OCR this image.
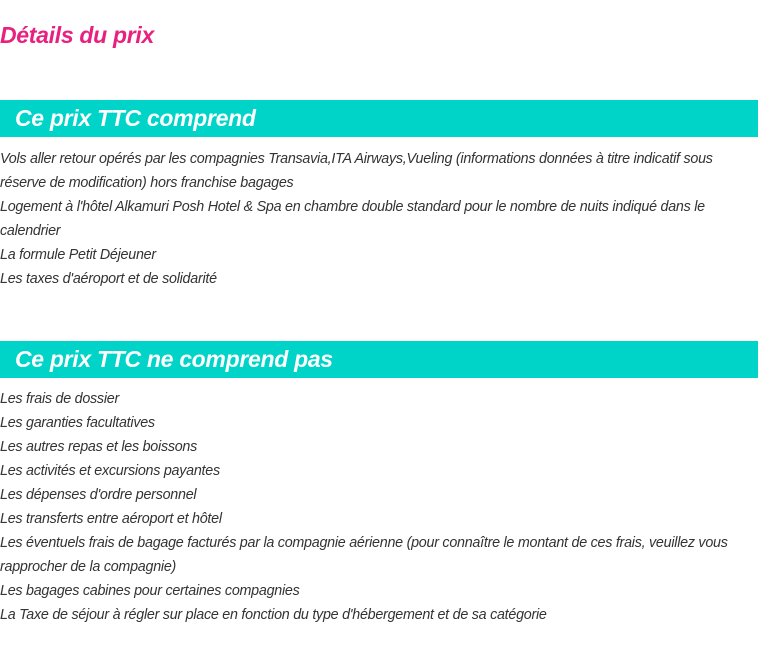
Détails du prix
Ce prix TTC comprend
Vols aller retour opérés par les compagnies Transavia,ITA Airways,Vueling (informations données à titre indicatif sous réserve de modification) hors franchise bagages
Logement à l'hôtel Alkamuri Posh Hotel & Spa en chambre double standard pour le nombre de nuits indiqué dans le calendrier
La formule Petit Déjeuner
Les taxes d'aéroport et de solidarité
Ce prix TTC ne comprend pas
Les frais de dossier
Les garanties facultatives
Les autres repas et les boissons
Les activités et excursions payantes
Les dépenses d'ordre personnel
Les transferts entre aéroport et hôtel
Les éventuels frais de bagage facturés par la compagnie aérienne (pour connaître le montant de ces frais, veuillez vous rapprocher de la compagnie)
Les bagages cabines pour certaines compagnies
La Taxe de séjour à régler sur place en fonction du type d'hébergement et de sa catégorie
